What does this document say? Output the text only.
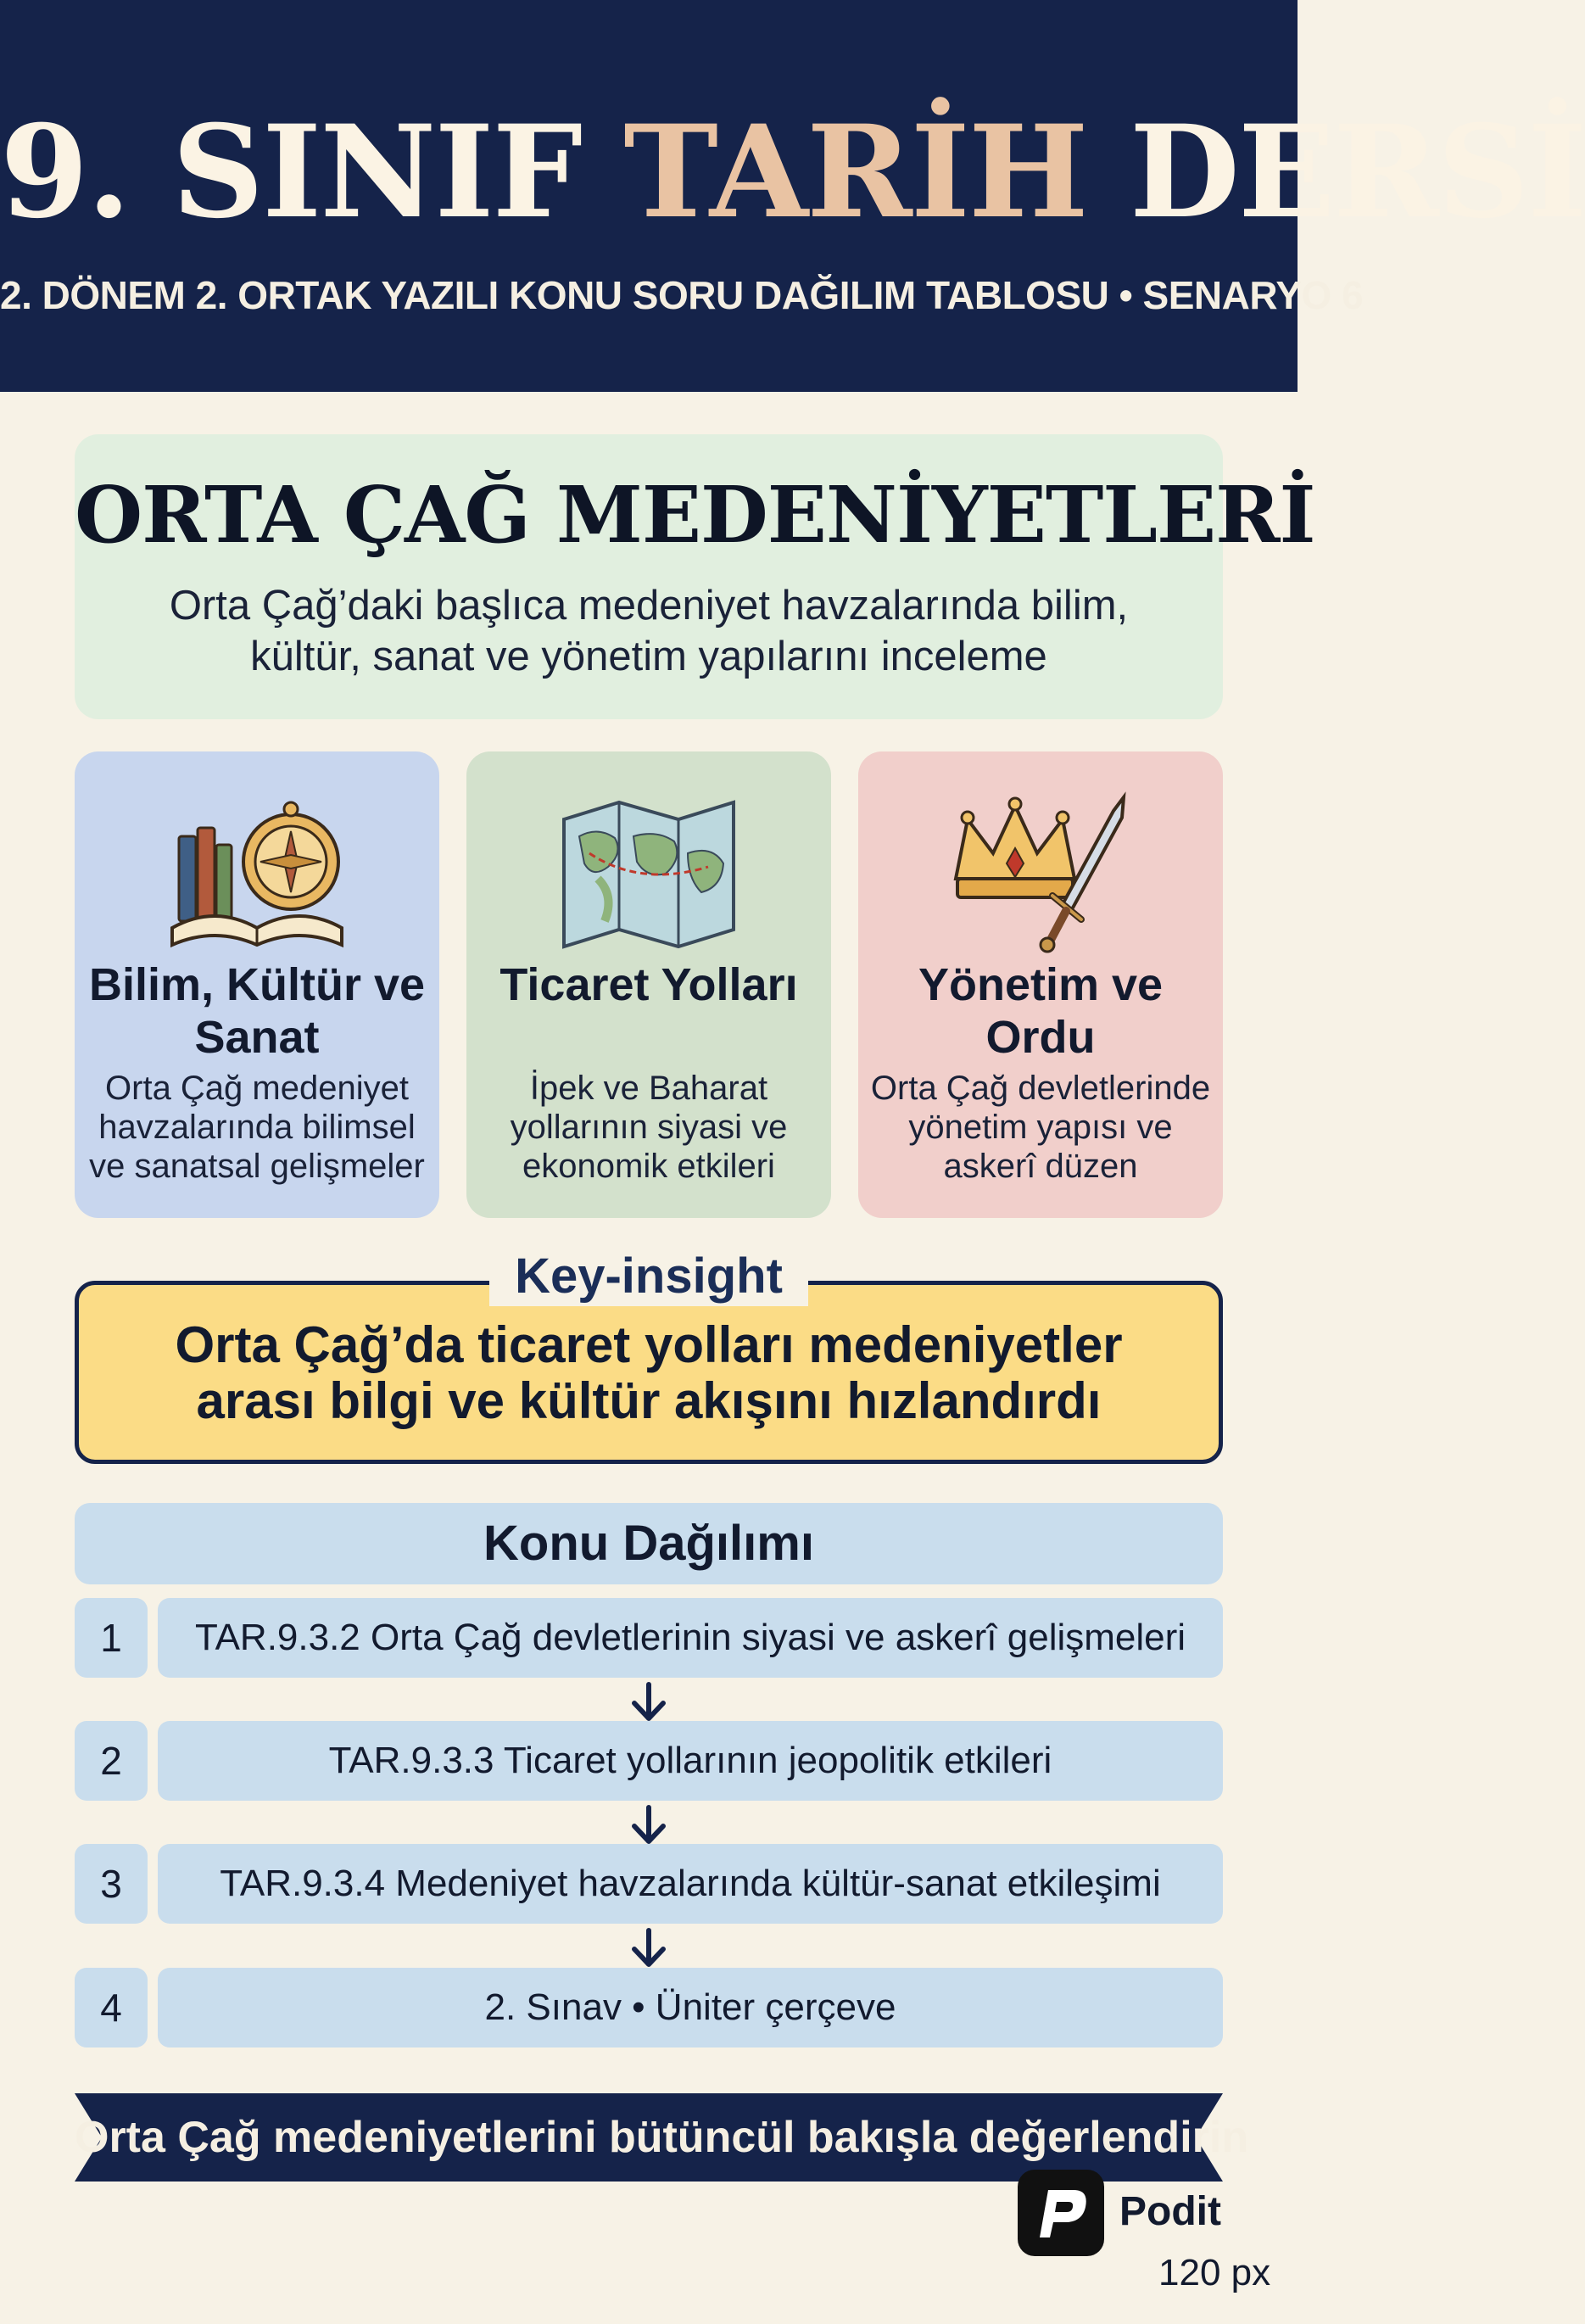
9. SINIF TARİH DERSİ
2. DÖNEM 2. ORTAK YAZILI KONU SORU DAĞILIM TABLOSU • SENARYO 6
ORTA ÇAĞ MEDENİYETLERİ
Orta Çağ’daki başlıca medeniyet havzalarında bilim, kültür, sanat ve yönetim yapılarını inceleme
Bilim, Kültür ve Sanat
Orta Çağ medeniyet havzalarında bilimsel ve sanatsal gelişmeler
Ticaret Yolları
İpek ve Baharat yollarının siyasi ve ekonomik etkileri
Yönetim ve Ordu
Orta Çağ devletlerinde yönetim yapısı ve askerî düzen
Orta Çağ’da ticaret yolları medeniyetler arası bilgi ve kültür akışını hızlandırdı
Key-insight
Konu Dağılımı
1	TAR.9.3.2 Orta Çağ devletlerinin siyasi ve askerî gelişmeleri
2	TAR.9.3.3 Ticaret yollarının jeopolitik etkileri
3	TAR.9.3.4 Medeniyet havzalarında kültür-sanat etkileşimi
4	2. Sınav • Üniter çerçeve
Orta Çağ medeniyetlerini bütüncül bakışla değerlendirin
Podit
120 px
